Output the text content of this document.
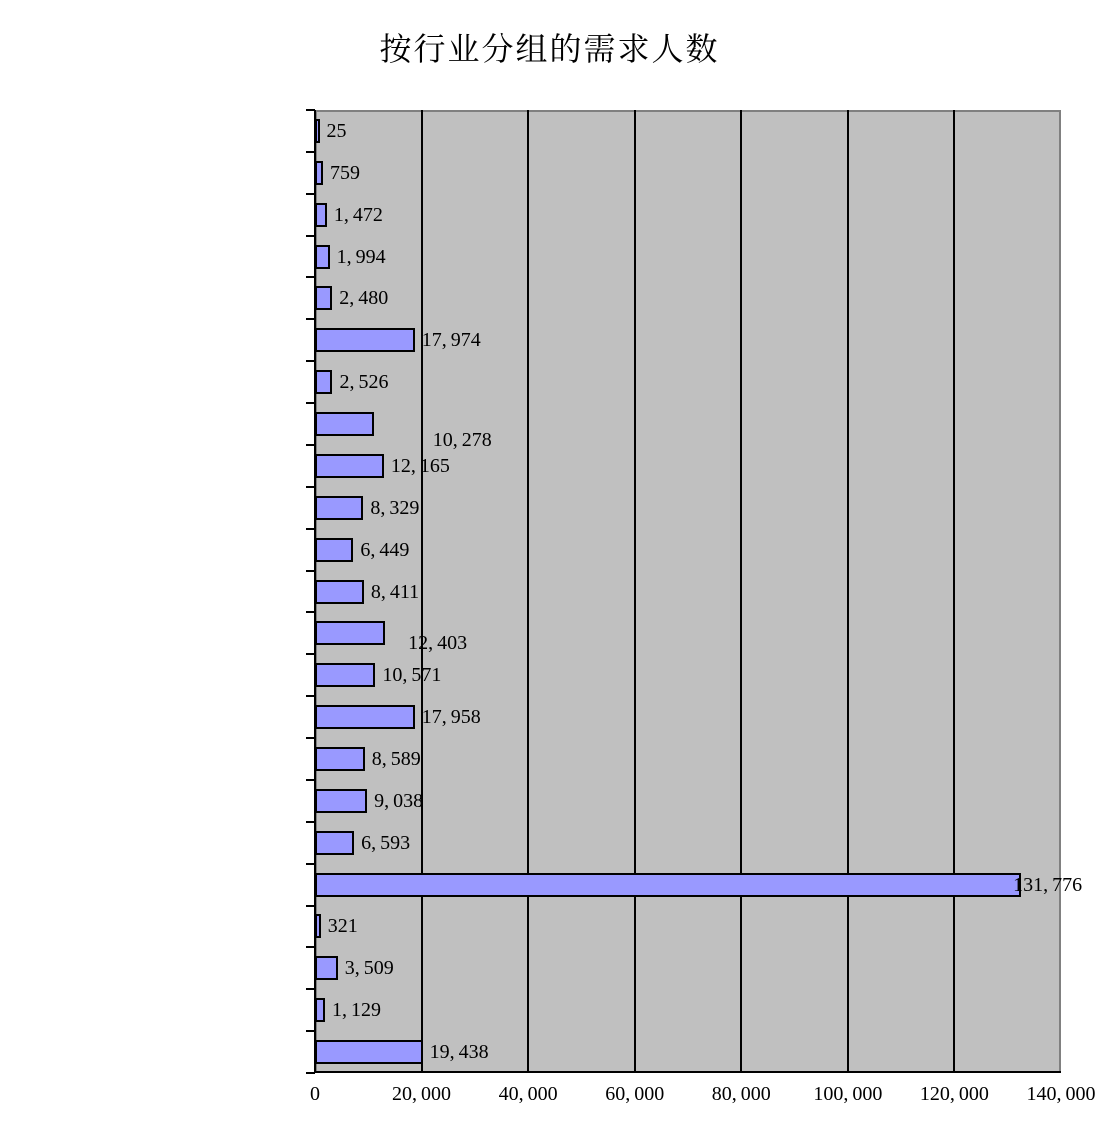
按行业分组的需求人数
25
759
1, 472
1, 994
2, 480
17, 974
2, 526
10, 278
12, 165
8, 329
6, 449
8, 411
12, 403
10, 571
17, 958
8, 589
9, 038
6, 593
131, 776
321
3, 509
1, 129
19, 438
0	20, 000 40, 000 60, 000 80, 000 100, 000 120, 000 140, 000
